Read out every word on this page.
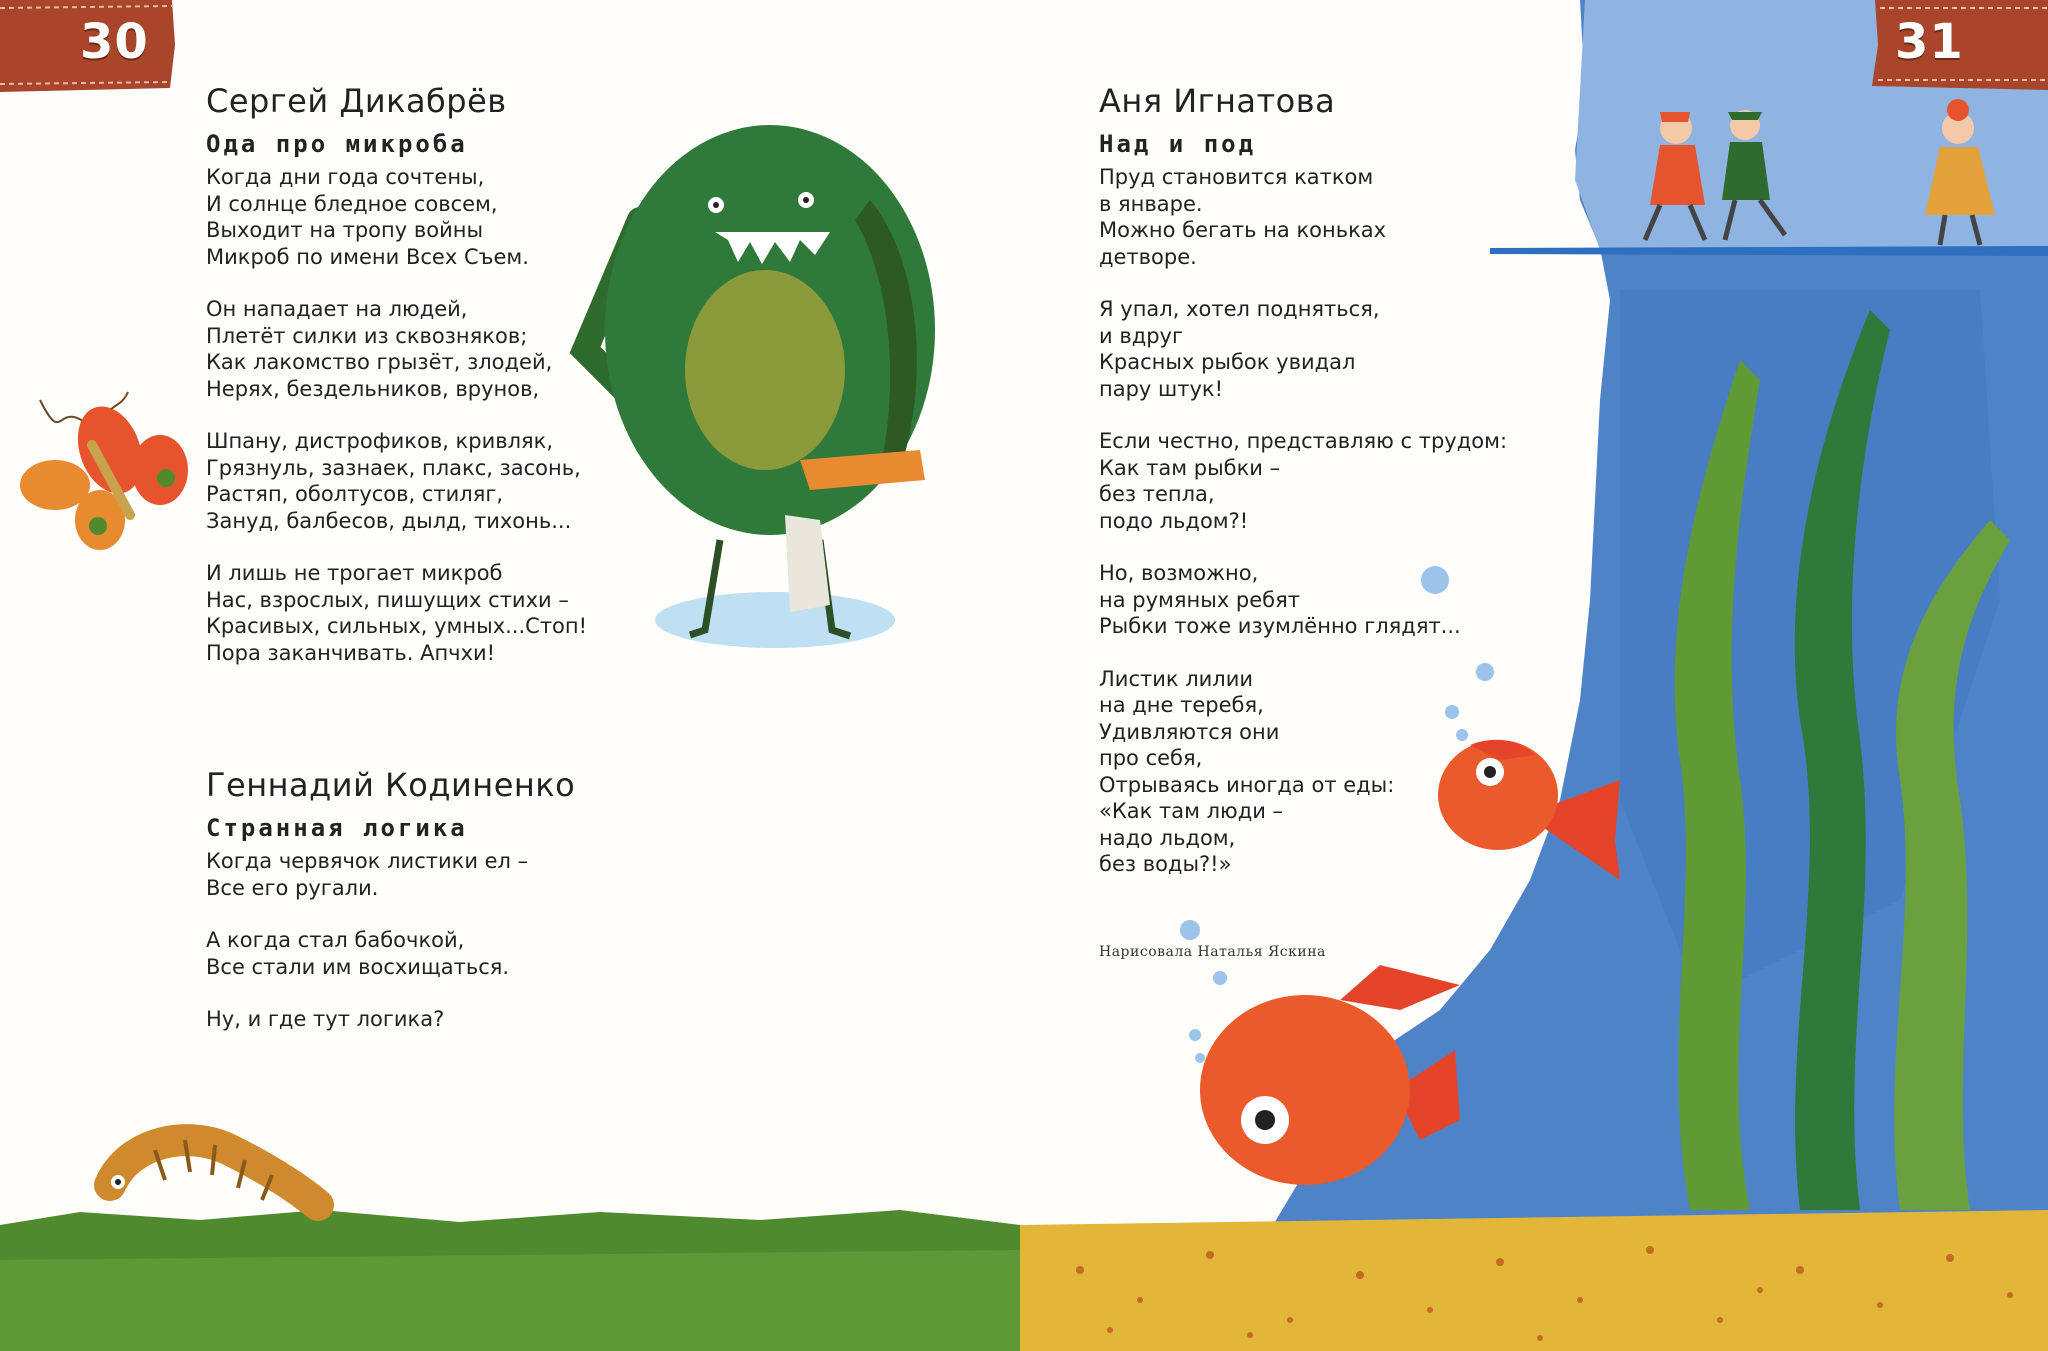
30	31
Сергей Дикабрёв
Ода про микроба
Когда дни года сочтены,
И солнце бледное совсем,
Выходит на тропу войны
Микроб по имени Всех Съем.
Он нападает на людей,
Плетёт силки из сквозняков;
Как лакомство грызёт, злодей,
Нерях, бездельников, врунов,
Шпану, дистрофиков, кривляк,
Грязнуль, зазнаек, плакс, засонь,
Растяп, оболтусов, стиляг,
Зануд, балбесов, дылд, тихонь...
И лишь не трогает микроб
Нас, взрослых, пишущих стихи –
Красивых, сильных, умных...Стоп!
Пора заканчивать. Апчхи!
Геннадий Кодиненко
Странная логика
Когда червячок листики ел –
Все его ругали.
А когда стал бабочкой,
Все стали им восхищаться.
Ну, и где тут логика?
Аня Игнатова
Над и под
Пруд становится катком
в январе.
Можно бегать на коньках
детворе.
Я упал, хотел подняться,
и вдруг
Красных рыбок увидал
пару штук!
Если честно, представляю с трудом:
Как там рыбки –
без тепла,
подо льдом?!
Но, возможно,
на румяных ребят
Рыбки тоже изумлённо глядят...
Листик лилии
на дне теребя,
Удивляются они
про себя,
Отрываясь иногда от еды:
«Как там люди –
надо льдом,
без воды?!»
Нарисовала Наталья Яскина
